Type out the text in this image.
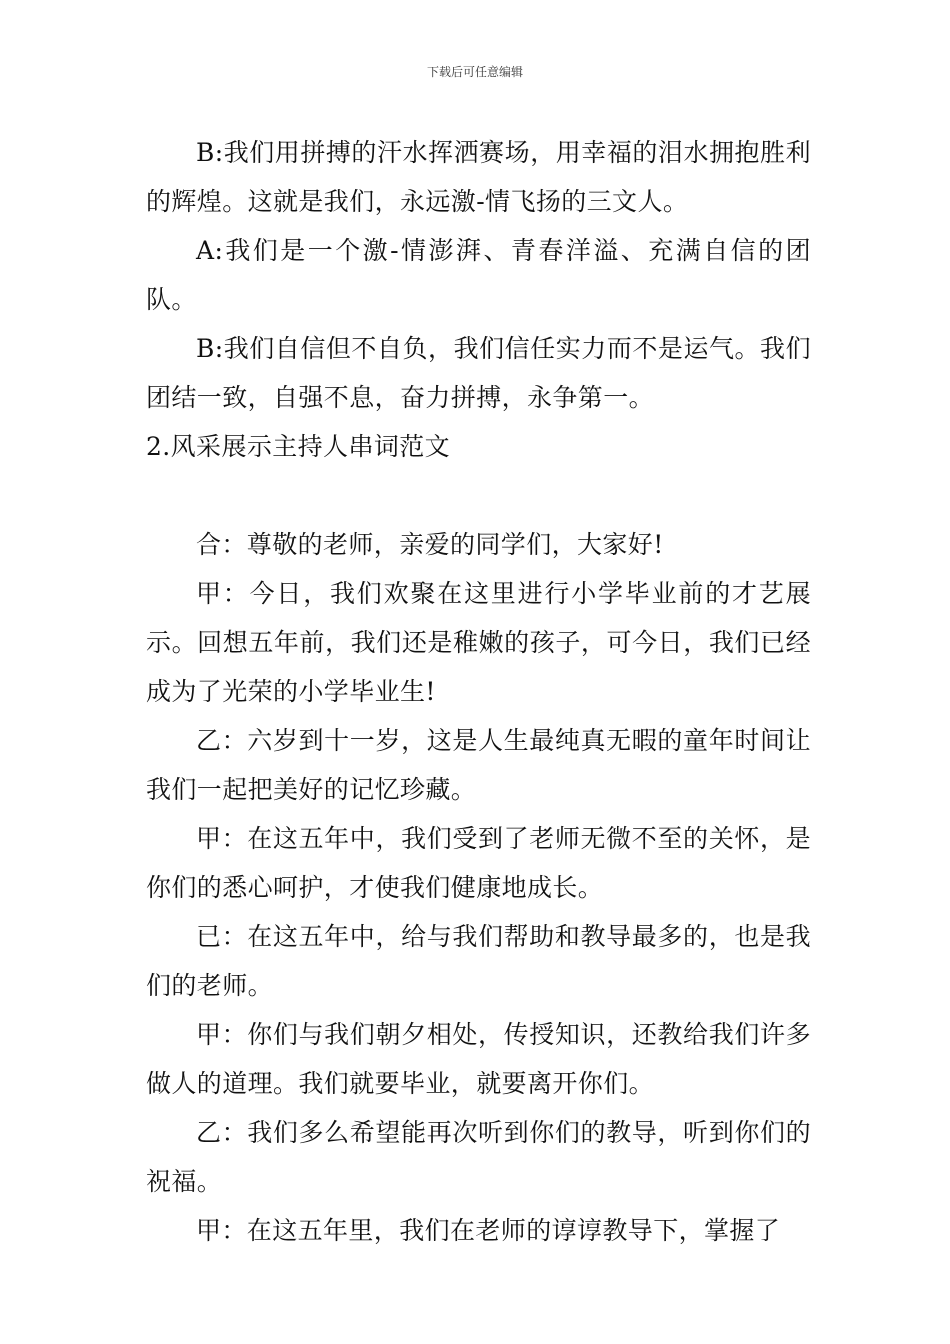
下载后可任意编辑

B:我们用拼搏的汗水挥洒赛场，用幸福的泪水拥抱胜利的辉煌。这就是我们，永远激-情飞扬的三文人。

A:我们是一个激-情澎湃、青春洋溢、充满自信的团队。

B:我们自信但不自负，我们信任实力而不是运气。我们团结一致，自强不息，奋力拼搏，永争第一。

2.风采展示主持人串词范文

合：尊敬的老师，亲爱的同学们，大家好!

甲：今日，我们欢聚在这里进行小学毕业前的才艺展示。回想五年前，我们还是稚嫩的孩子，可今日，我们已经成为了光荣的小学毕业生!

乙：六岁到十一岁，这是人生最纯真无暇的童年时间让我们一起把美好的记忆珍藏。

甲：在这五年中，我们受到了老师无微不至的关怀，是你们的悉心呵护，才使我们健康地成长。

已：在这五年中，给与我们帮助和教导最多的，也是我们的老师。

甲：你们与我们朝夕相处，传授知识，还教给我们许多做人的道理。我们就要毕业，就要离开你们。

乙：我们多么希望能再次听到你们的教导，听到你们的祝福。

甲：在这五年里，我们在老师的谆谆教导下，掌握了
